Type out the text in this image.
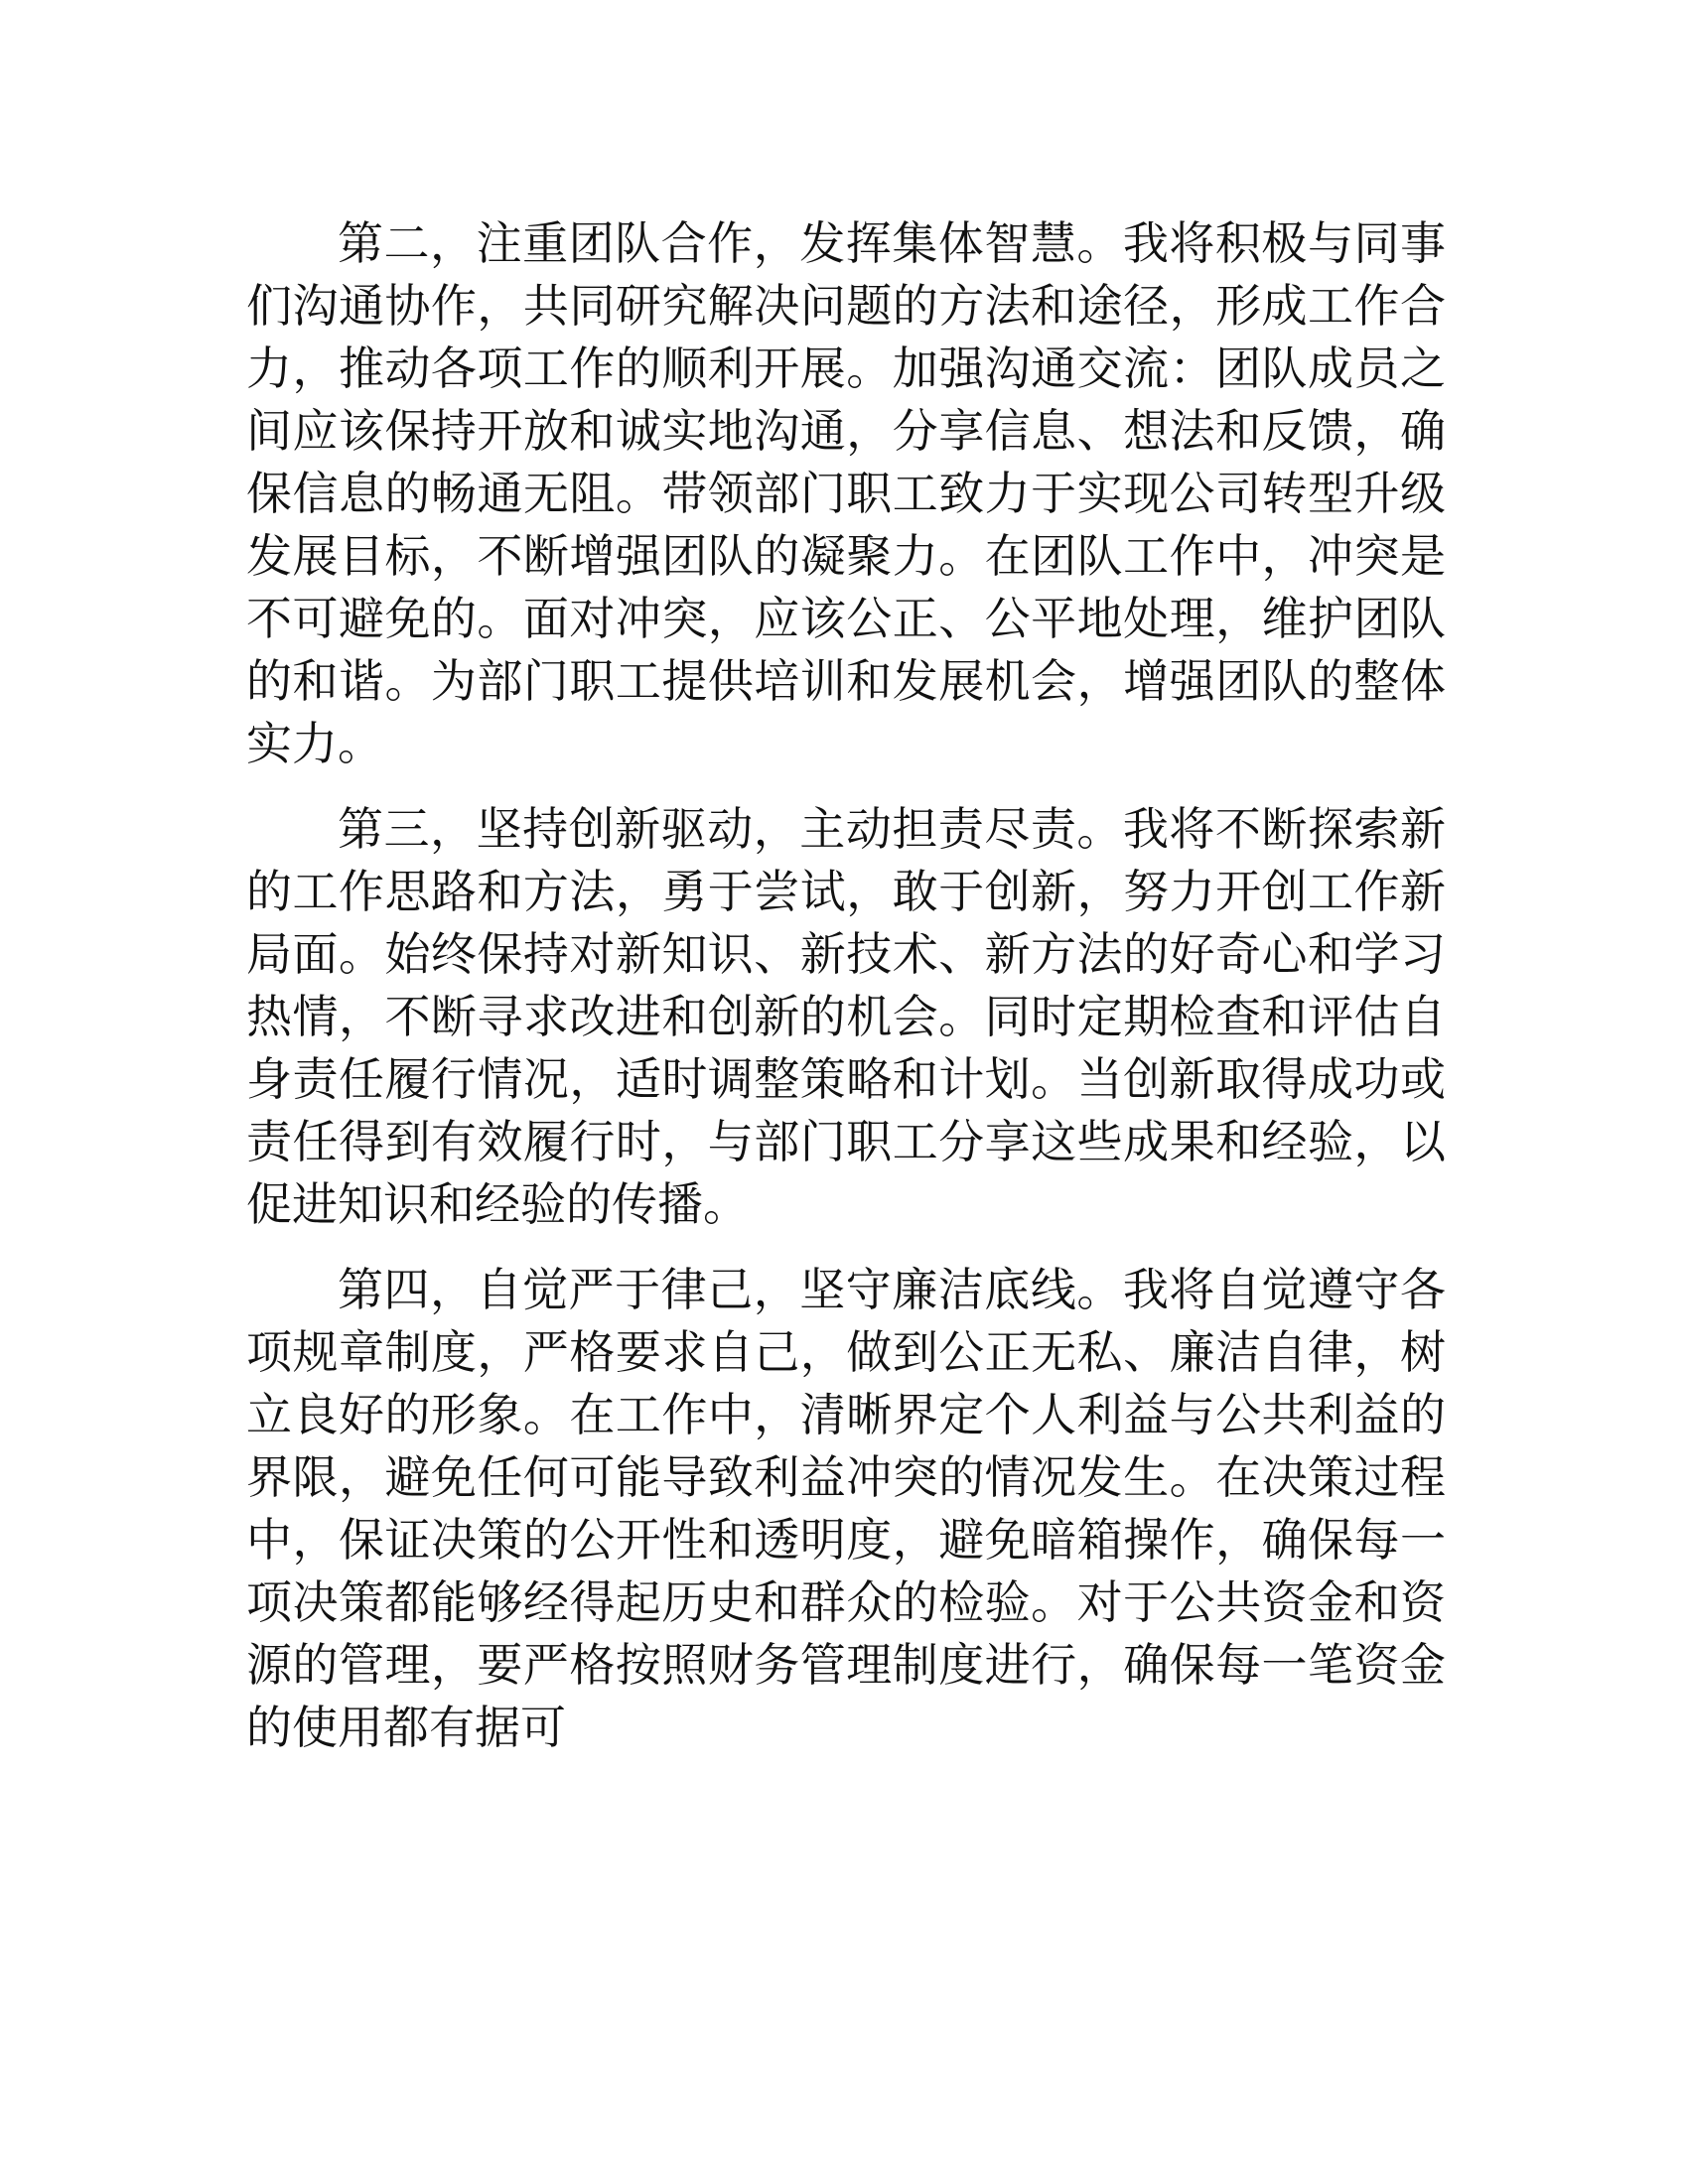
第二，注重团队合作，发挥集体智慧。我将积极与同事们沟通协作，共同研究解决问题的方法和途径，形成工作合力，推动各项工作的顺利开展。加强沟通交流：团队成员之间应该保持开放和诚实地沟通，分享信息、想法和反馈，确保信息的畅通无阻。带领部门职工致力于实现公司转型升级发展目标，不断增强团队的凝聚力。在团队工作中，冲突是不可避免的。面对冲突，应该公正、公平地处理，维护团队的和谐。为部门职工提供培训和发展机会，增强团队的整体实力。

第三，坚持创新驱动，主动担责尽责。我将不断探索新的工作思路和方法，勇于尝试，敢于创新，努力开创工作新局面。始终保持对新知识、新技术、新方法的好奇心和学习热情，不断寻求改进和创新的机会。同时定期检查和评估自身责任履行情况，适时调整策略和计划。当创新取得成功或责任得到有效履行时，与部门职工分享这些成果和经验，以促进知识和经验的传播。

第四，自觉严于律己，坚守廉洁底线。我将自觉遵守各项规章制度，严格要求自己，做到公正无私、廉洁自律，树立良好的形象。在工作中，清晰界定个人利益与公共利益的界限，避免任何可能导致利益冲突的情况发生。在决策过程中，保证决策的公开性和透明度，避免暗箱操作，确保每一项决策都能够经得起历史和群众的检验。对于公共资金和资源的管理，要严格按照财务管理制度进行，确保每一笔资金的使用都有据可
